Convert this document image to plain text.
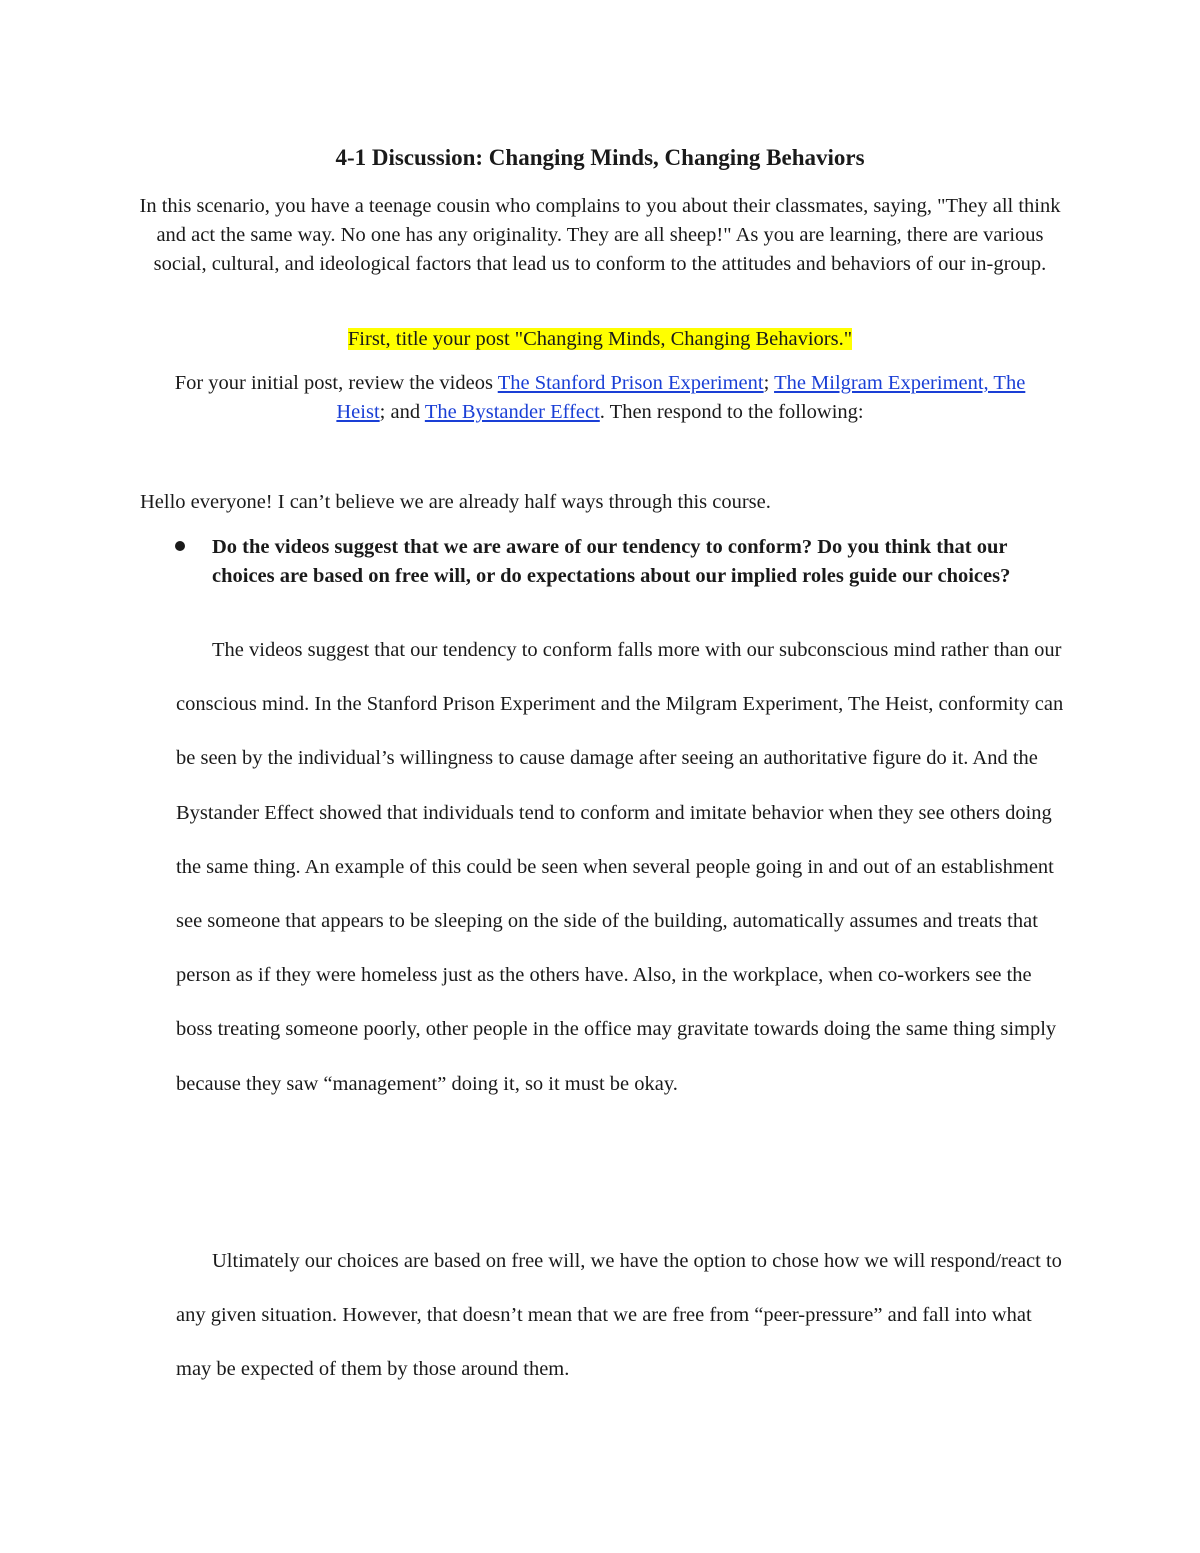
4-1 Discussion: Changing Minds, Changing Behaviors

In this scenario, you have a teenage cousin who complains to you about their classmates, saying, "They all think and act the same way. No one has any originality. They are all sheep!" As you are learning, there are various social, cultural, and ideological factors that lead us to conform to the attitudes and behaviors of our in-group.

First, title your post "Changing Minds, Changing Behaviors."
For your initial post, review the videos The Stanford Prison Experiment; The Milgram Experiment, The Heist; and The Bystander Effect. Then respond to the following:
Hello everyone! I can’t believe we are already half ways through this course.
Do the videos suggest that we are aware of our tendency to conform? Do you think that our choices are based on free will, or do expectations about our implied roles guide our choices?

The videos suggest that our tendency to conform falls more with our subconscious mind rather than our conscious mind. In the Stanford Prison Experiment and the Milgram Experiment, The Heist, conformity can be seen by the individual’s willingness to cause damage after seeing an authoritative figure do it. And the Bystander Effect showed that individuals tend to conform and imitate behavior when they see others doing the same thing. An example of this could be seen when several people going in and out of an establishment see someone that appears to be sleeping on the side of the building, automatically assumes and treats that person as if they were homeless just as the others have. Also, in the workplace, when co-workers see the boss treating someone poorly, other people in the office may gravitate towards doing the same thing simply because they saw “management” doing it, so it must be okay.

Ultimately our choices are based on free will, we have the option to chose how we will respond/react to any given situation. However, that doesn’t mean that we are free from “peer-pressure” and fall into what may be expected of them by those around them.
